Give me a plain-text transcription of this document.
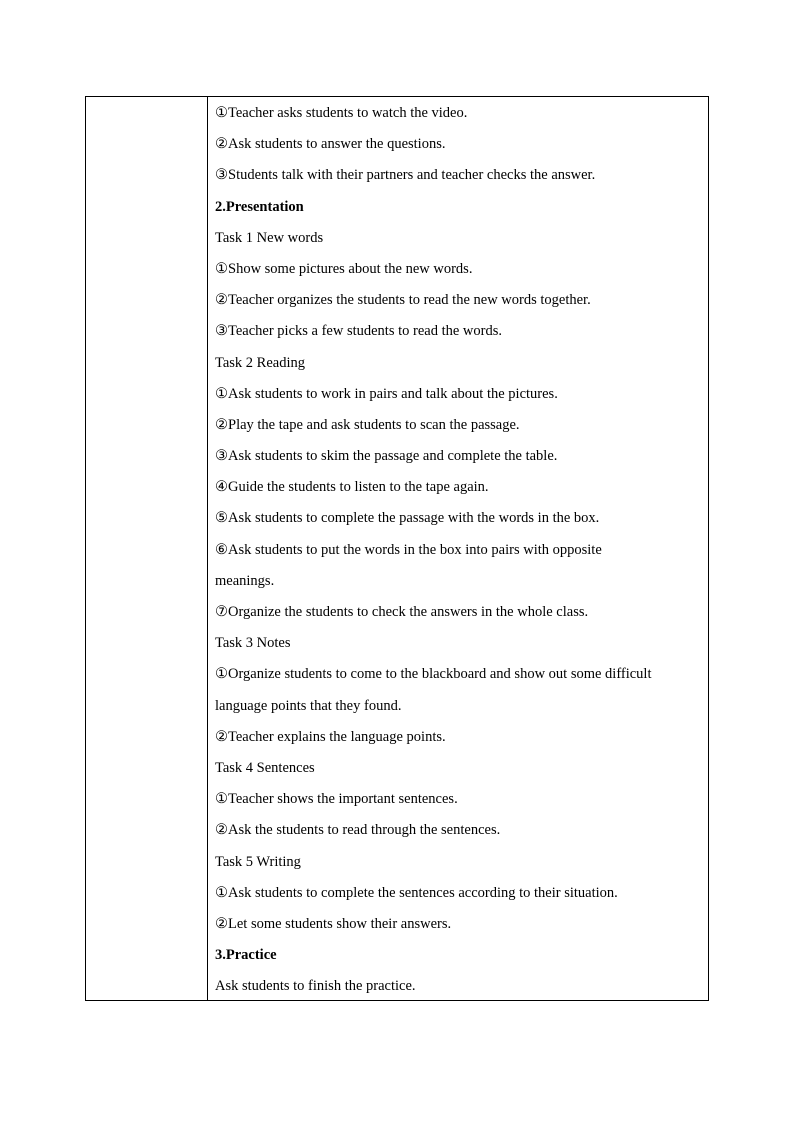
①Teacher asks students to watch the video.
②Ask students to answer the questions.
③Students talk with their partners and teacher checks the answer.
2.Presentation
Task 1 New words
①Show some pictures about the new words.
②Teacher organizes the students to read the new words together.
③Teacher picks a few students to read the words.
Task 2 Reading
①Ask students to work in pairs and talk about the pictures.
②Play the tape and ask students to scan the passage.
③Ask students to skim the passage and complete the table.
④Guide the students to listen to the tape again.
⑤Ask students to complete the passage with the words in the box.
⑥Ask students to put the words in the box into pairs with opposite
meanings.
⑦Organize the students to check the answers in the whole class.
Task 3 Notes
①Organize students to come to the blackboard and show out some difficult
language points that they found.
②Teacher explains the language points.
Task 4 Sentences
①Teacher shows the important sentences.
②Ask the students to read through the sentences.
Task 5 Writing
①Ask students to complete the sentences according to their situation.
②Let some students show their answers.
3.Practice
Ask students to finish the practice.
